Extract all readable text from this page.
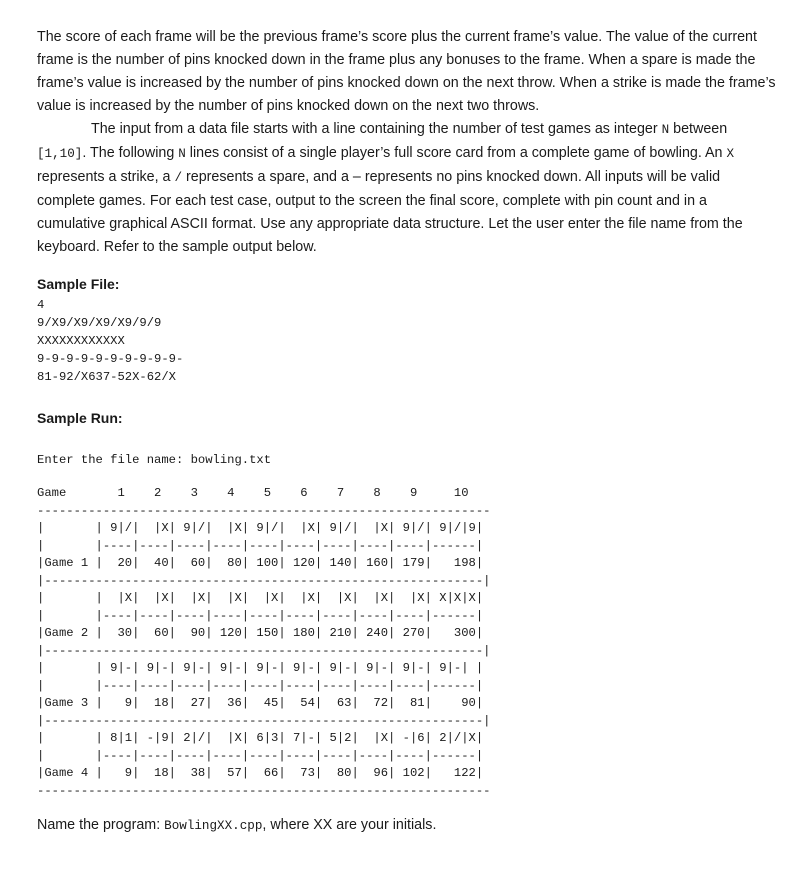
The score of each frame will be the previous frame’s score plus the current frame’s value. The value of the current frame is the number of pins knocked down in the frame plus any bonuses to the frame. When a spare is made the frame’s value is increased by the number of pins knocked down on the next throw. When a strike is made the frame’s value is increased by the number of pins knocked down on the next two throws.

The input from a data file starts with a line containing the number of test games as integer N between [1,10]. The following N lines consist of a single player’s full score card from a complete game of bowling. An X represents a strike, a / represents a spare, and a – represents no pins knocked down. All inputs will be valid complete games. For each test case, output to the screen the final score, complete with pin count and in a cumulative graphical ASCII format. Use any appropriate data structure. Let the user enter the file name from the keyboard. Refer to the sample output below.

Sample File:

4
9/X9/X9/X9/X9/9/9
XXXXXXXXXXXX
9-9-9-9-9-9-9-9-9-9-
81-92/X637-52X-62/X

Sample Run:

Enter the file name: bowling.txt
Game       1    2    3    4    5    6    7    8    9     10
--------------------------------------------------------------
|       | 9|/|  |X| 9|/|  |X| 9|/|  |X| 9|/|  |X| 9|/| 9|/|9|
|       |----|----|----|----|----|----|----|----|----|------|
|Game 1 |  20|  40|  60|  80| 100| 120| 140| 160| 179|   198|
|------------------------------------------------------------|
|       |  |X|  |X|  |X|  |X|  |X|  |X|  |X|  |X|  |X| X|X|X|
|       |----|----|----|----|----|----|----|----|----|------|
|Game 2 |  30|  60|  90| 120| 150| 180| 210| 240| 270|   300|
|------------------------------------------------------------|
|       | 9|-| 9|-| 9|-| 9|-| 9|-| 9|-| 9|-| 9|-| 9|-| 9|-| |
|       |----|----|----|----|----|----|----|----|----|------|
|Game 3 |   9|  18|  27|  36|  45|  54|  63|  72|  81|    90|
|------------------------------------------------------------|
|       | 8|1| -|9| 2|/|  |X| 6|3| 7|-| 5|2|  |X| -|6| 2|/|X|
|       |----|----|----|----|----|----|----|----|----|------|
|Game 4 |   9|  18|  38|  57|  66|  73|  80|  96| 102|   122|
--------------------------------------------------------------

Name the program: BowlingXX.cpp, where XX are your initials.
